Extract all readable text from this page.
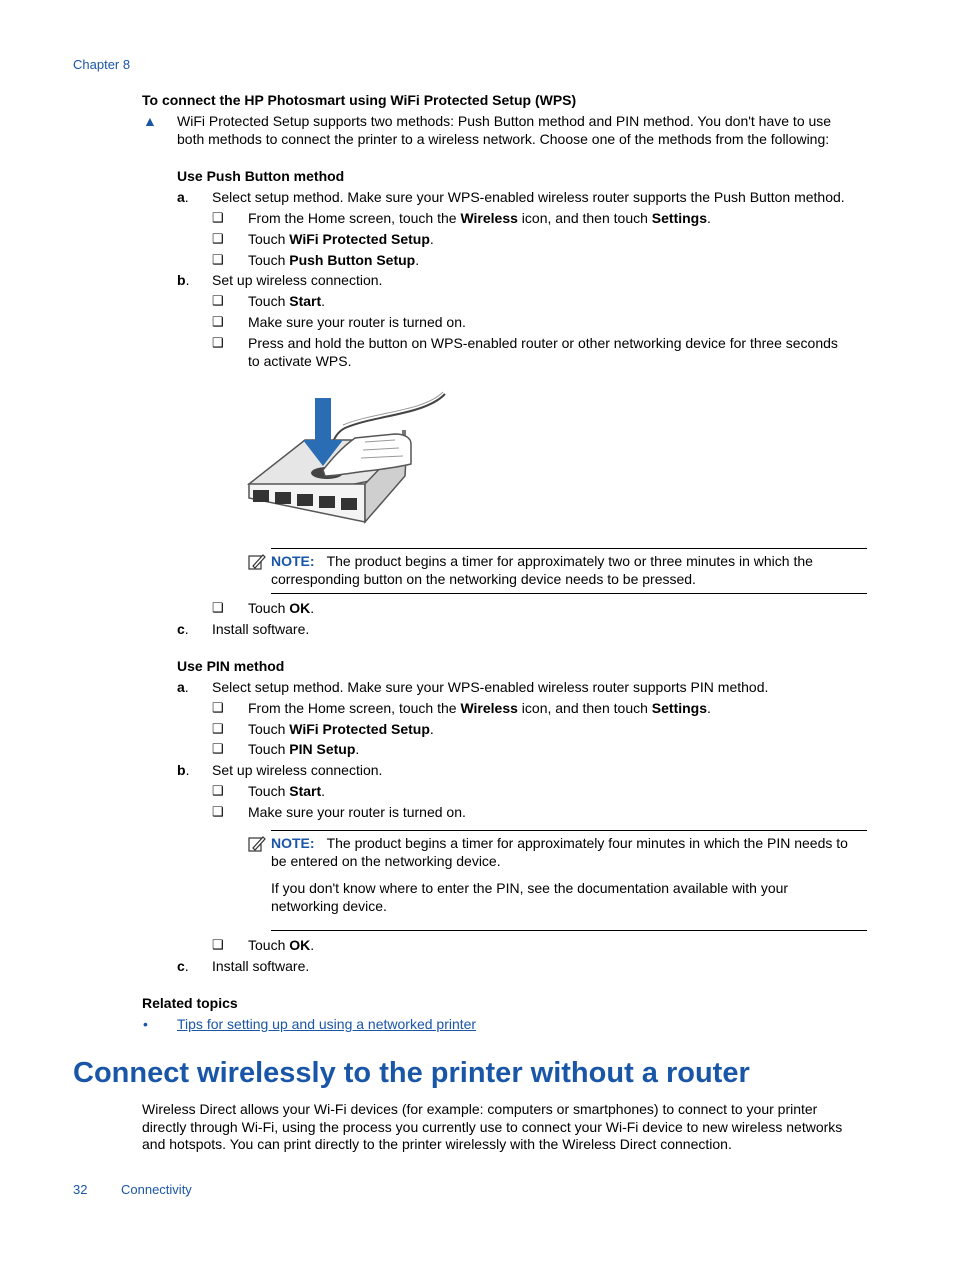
Chapter 8
To connect the HP Photosmart using WiFi Protected Setup (WPS)
▲ WiFi Protected Setup supports two methods: Push Button method and PIN method. You don't have to use
both methods to connect the printer to a wireless network. Choose one of the methods from the following:
Use Push Button method
a. Select setup method. Make sure your WPS-enabled wireless router supports the Push Button method.
❑ From the Home screen, touch the Wireless icon, and then touch Settings.
❑ Touch WiFi Protected Setup.
❑ Touch Push Button Setup.
b. Set up wireless connection.
❑ Touch Start.
❑ Make sure your router is turned on.
❑ Press and hold the button on WPS-enabled router or other networking device for three seconds
to activate WPS.
NOTE: The product begins a timer for approximately two or three minutes in which the
corresponding button on the networking device needs to be pressed.
❑ Touch OK.
c. Install software.
Use PIN method
a. Select setup method. Make sure your WPS-enabled wireless router supports PIN method.
❑ From the Home screen, touch the Wireless icon, and then touch Settings.
❑ Touch WiFi Protected Setup.
❑ Touch PIN Setup.
b. Set up wireless connection.
❑ Touch Start.
❑ Make sure your router is turned on.
NOTE: The product begins a timer for approximately four minutes in which the PIN needs to
be entered on the networking device.
If you don't know where to enter the PIN, see the documentation available with your
networking device.
❑ Touch OK.
c. Install software.
Related topics
• Tips for setting up and using a networked printer
Connect wirelessly to the printer without a router
Wireless Direct allows your Wi-Fi devices (for example: computers or smartphones) to connect to your printer
directly through Wi-Fi, using the process you currently use to connect your Wi-Fi device to new wireless networks
and hotspots. You can print directly to the printer wirelessly with the Wireless Direct connection.
32	Connectivity
